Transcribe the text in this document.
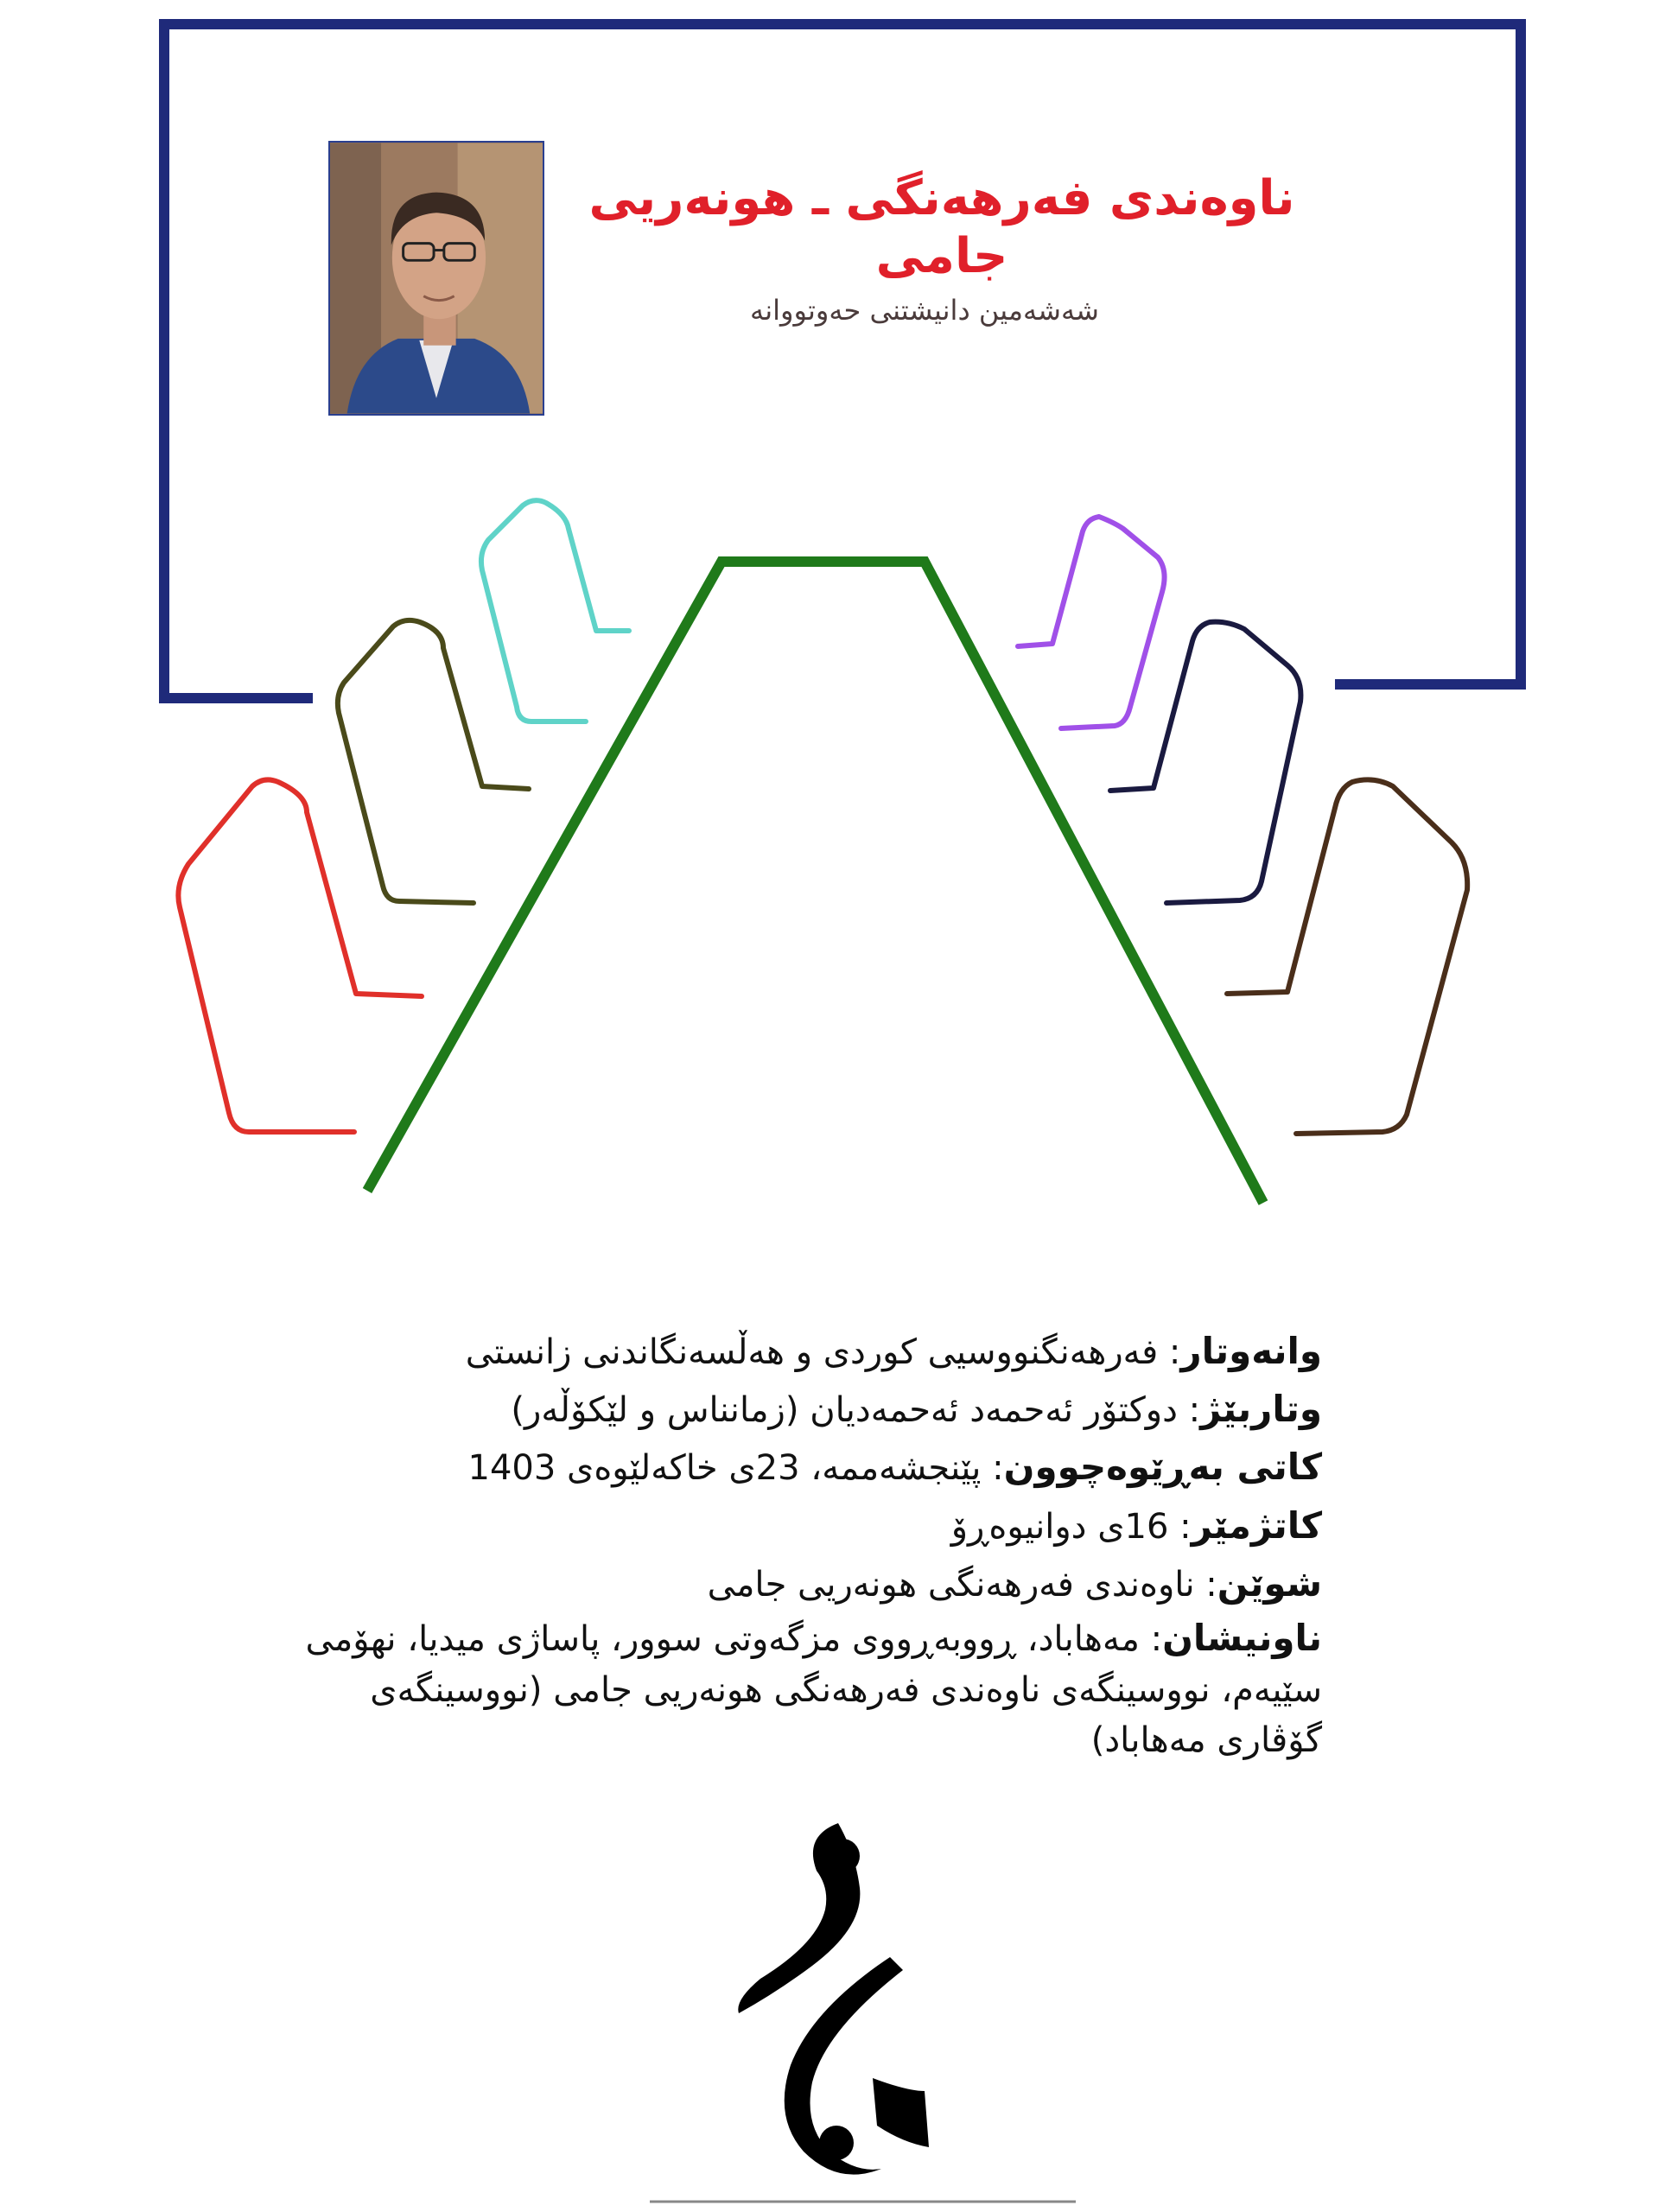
ناوەندی فەرهەنگی ـ هونەریی جامی
شەشەمین دانیشتنی حەوتووانە

وانەوتار: فەرهەنگنووسیی کوردی و هەڵسەنگاندنی زانستی

وتاربێژ: دوکتۆر ئەحمەد ئەحمەدیان (زمانناس و لێکۆڵەر)

کاتی بەڕێوەچوون: پێنجشەممە، 23ی خاکەلێوەی 1403

کاتژمێر: 16ی دوانیوەڕۆ

شوێن: ناوەندی فەرهەنگی هونەریی جامی

ناونیشان: مەهاباد، ڕووبەڕووی مزگەوتی سوور، پاساژی میدیا، نهۆمی سێیەم، نووسینگەی ناوەندی فەرهەنگی هونەریی جامی (نووسینگەی گۆڤاری مەهاباد)
